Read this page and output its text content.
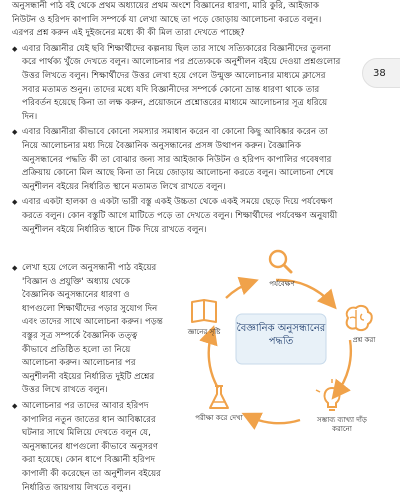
অনুসন্ধানী পাঠ বই থেকে প্রথম অধ্যায়ের প্রথম অংশে বিজ্ঞানের ধারণা, মারি কুরি, আইজাক নিউটন ও হরিপদ কাপালি সম্পর্কে যা লেখা আছে তা পড়ে জোড়ায় আলোচনা করতে বলুন। এরপর প্রশ্ন করুন এই দুইজনের মধ্যে কী কী মিল তারা দেখতে পাচ্ছে?

◆ এবার বিজ্ঞানীর যেই ছবি শিক্ষার্থীদের কল্পনায় ছিল তার সাথে সত্যিকারের বিজ্ঞানীদের তুলনা করে পার্থক্য খুঁজে দেখতে বলুন। আলোচনার পর প্রত্যেককে অনুশীলন বইয়ে দেওয়া প্রশ্নগুলোর উত্তর লিখতে বলুন। শিক্ষার্থীদের উত্তর লেখা হয়ে গেলে উন্মুক্ত আলোচনার মাধ্যমে ক্লাসের সবার মতামত শুনুন। তাদের মধ্যে যদি বিজ্ঞানীদের সম্পর্কে কোনো ভ্রান্ত ধারণা থাকে তার পরিবর্তন হয়েছে কিনা তা লক্ষ করুন, প্রয়োজনে প্রশ্নোত্তরের মাধ্যমে আলোচনার সূত্র ধরিয়ে দিন।

◆ এবার বিজ্ঞানীরা কীভাবে কোনো সমস্যার সমাধান করেন বা কোনো কিছু আবিষ্কার করেন তা নিয়ে আলোচনার মধ্য দিয়ে বৈজ্ঞানিক অনুসন্ধানের প্রসঙ্গ উত্থাপন করুন। বৈজ্ঞানিক অনুসন্ধানের পদ্ধতি কী তা বোঝার জন্য সার আইজাক নিউটন ও হরিপদ কাপালির গবেষণার প্রক্রিয়ায় কোনো মিল আছে কিনা তা নিয়ে জোড়ায় আলোচনা করতে বলুন। আলোচনা শেষে অনুশীলন বইয়ের নির্ধারিত স্থানে মতামত লিখে রাখতে বলুন।

◆ এবার একটা হালকা ও একটা ভারী বস্তু একই উচ্চতা থেকে একই সময়ে ছেড়ে দিয়ে পর্যবেক্ষণ করতে বলুন। কোন বস্তুটি আগে মাটিতে পড়ে তা দেখতে বলুন। শিক্ষার্থীদের পর্যবেক্ষণ অনুযায়ী অনুশীলন বইয়ে নির্ধারিত স্থানে টিক দিয়ে রাখতে বলুন।

38

◆ লেখা হয়ে গেলে অনুসন্ধানী পাঠ বইয়ের 'বিজ্ঞান ও প্রযুক্তি' অধ্যায় থেকে বৈজ্ঞানিক অনুসন্ধানের ধারণা ও ধাপগুলো শিক্ষার্থীদের পড়ার সুযোগ দিন এবং তাদের সাথে আলোচনা করুন। পড়ন্ত বস্তুর সূত্র সম্পর্কে বৈজ্ঞানিক তত্ত্ব কীভাবে প্রতিষ্ঠিত হলো তা নিয়ে আলোচনা করুন। আলোচনার পর অনুশীলনী বইয়ের নির্ধারিত দুইটি প্রশ্নের উত্তর লিখে রাখতে বলুন।

◆ আলোচনার পর তাদের আবার হরিপদ কাপালির নতুন জাতের ধান আবিষ্কারের ঘটনার সাথে মিলিয়ে দেখতে বলুন যে, অনুসন্ধানের ধাপগুলো কীভাবে অনুসরণ করা হয়েছে। কোন ধাপে বিজ্ঞানী হরিপদ কাপালী কী করেছেন তা অনুশীলন বইয়ের নির্ধারিত জায়গায় লিখতে বলুন।

বৈজ্ঞানিক অনুসন্ধানের পদ্ধতি
পর্যবেক্ষণ
প্রশ্ন করা
সম্ভাব্য ব্যাখ্যা দাঁড় করানো
পরীক্ষা করে দেখা
জ্ঞানের সৃষ্টি
